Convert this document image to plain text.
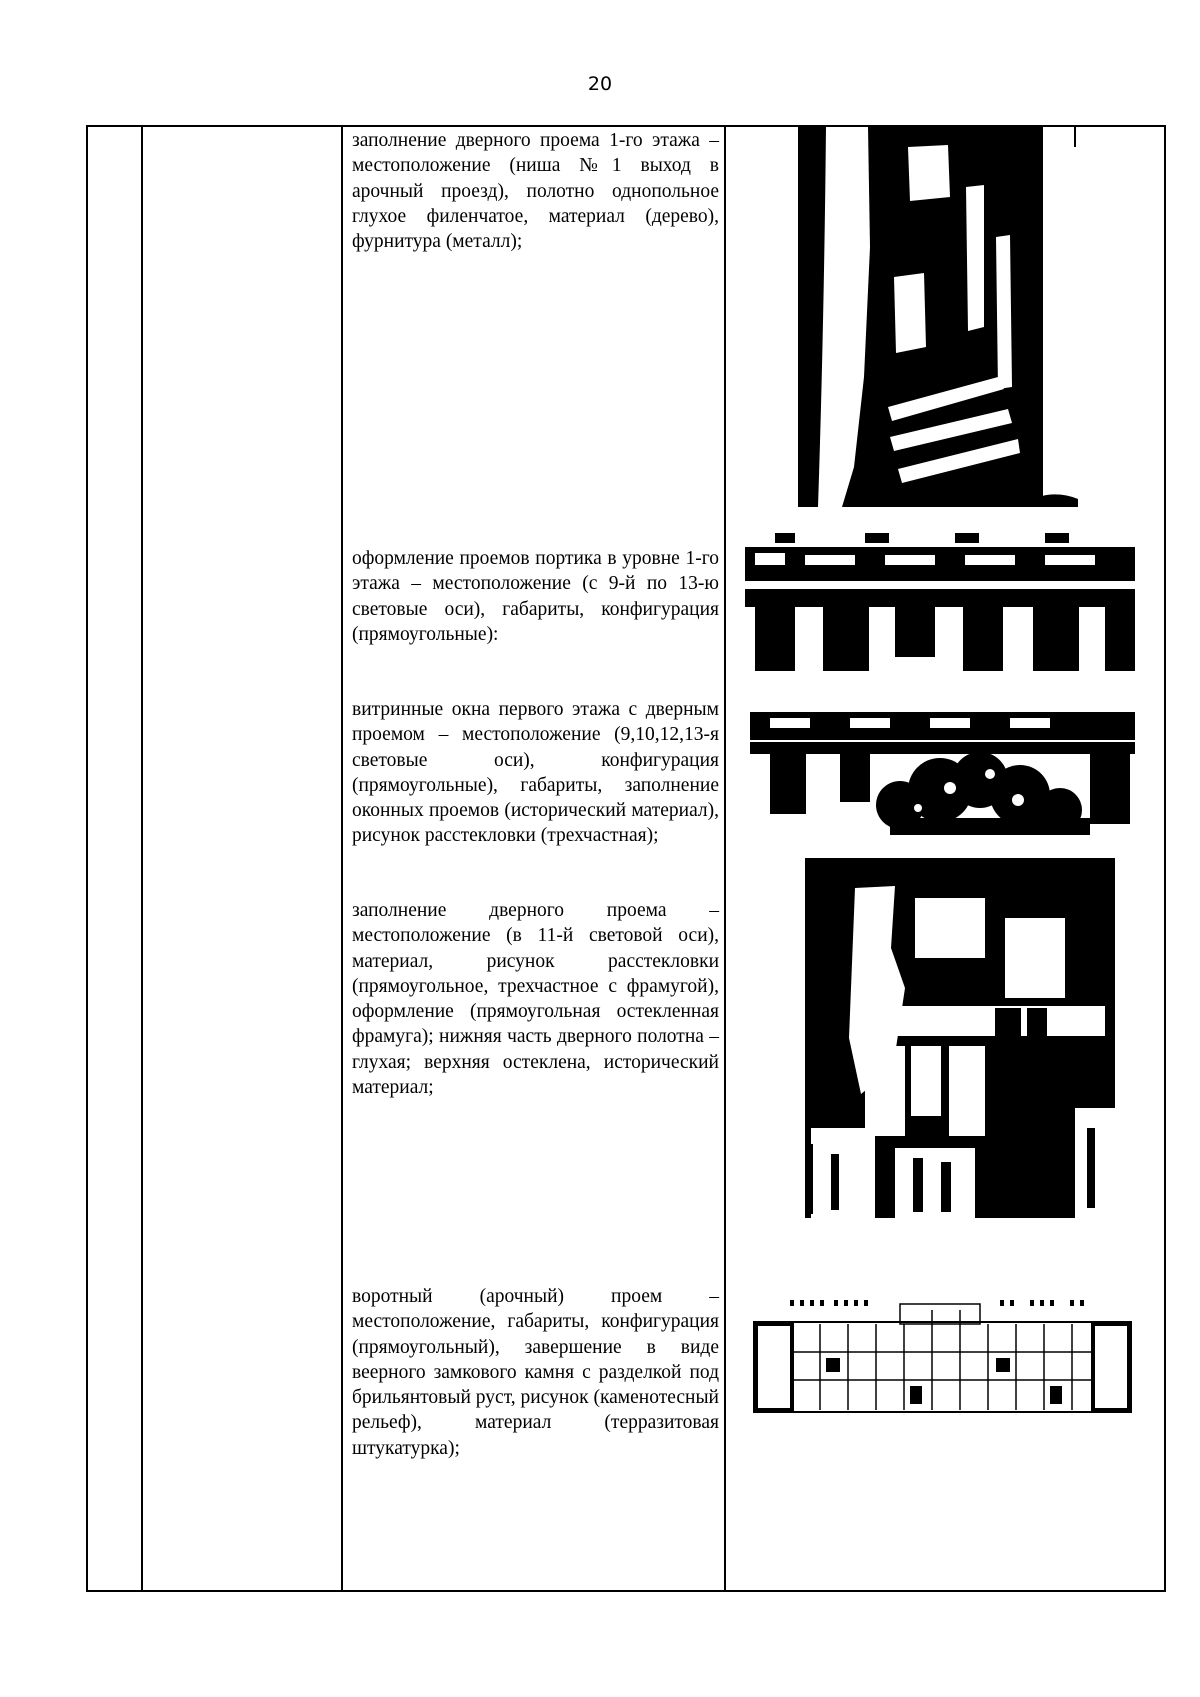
20
заполнение дверного проема 1-го этажа – местоположение (ниша №1 выход в арочный проезд), полотно однопольное глухое филенчатое, материал (дерево), фурнитура (металл);
оформление проемов портика в уровне 1-го этажа – местоположение (с 9-й по 13-ю световые оси), габариты, конфигурация (прямоугольные):
витринные окна первого этажа с дверным проемом – местоположение (9,10,12,13-я световые оси), конфигурация (прямоугольные), габариты, заполнение оконных проемов (исторический материал), рисунок расстекловки (трехчастная);
заполнение дверного проема – местоположение (в 11-й световой оси), материал, рисунок расстекловки (прямоугольное, трехчастное с фрамугой), оформление (прямоугольная остекленная фрамуга); нижняя часть дверного полотна – глухая; верхняя остеклена, исторический материал;
воротный (арочный) проем – местоположение, габариты, конфигурация (прямоугольный), завершение в виде веерного замкового камня с разделкой под брильянтовый руст, рисунок (каменотесный рельеф), материал (терразитовая штукатурка);
